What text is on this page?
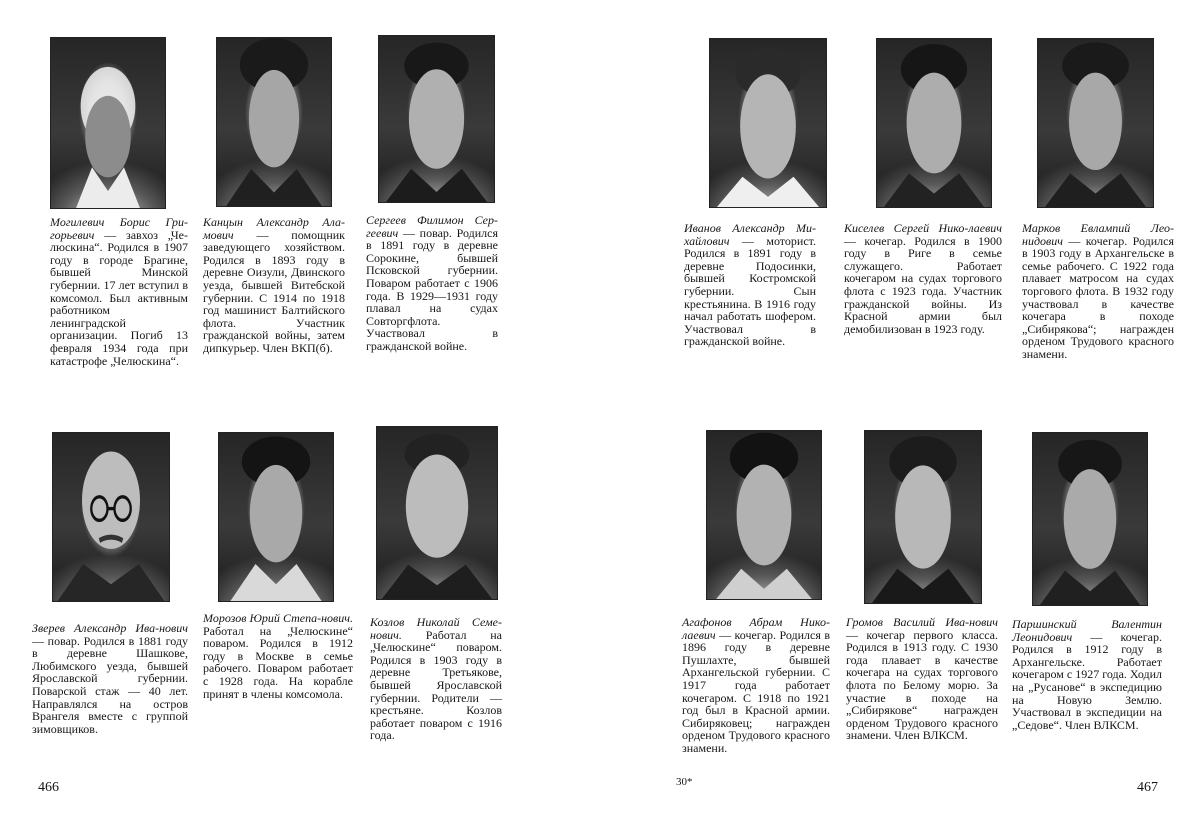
Могилевич Борис Гри-горьевич — завхоз „Че-люскина“. Родился в 1907 году в городе Брагине, бывшей Минской губернии. 17 лет вступил в комсомол. Был активным работником ленинградской организации. Погиб 13 февраля 1934 года при катастрофе „Челюскина“.

Канцын Александр Ала-мович — помощник заведующего хозяйством. Родился в 1893 году в деревне Оизули, Двинского уезда, бывшей Витебской губернии. С 1914 по 1918 год машинист Балтийского флота. Участник гражданской войны, затем дипкурьер. Член ВКП(б).

Сергеев Филимон Сер-геевич — повар. Родился в 1891 году в деревне Сорокине, бывшей Псковской губернии. Поваром работает с 1906 года. В 1929—1931 году плавал на судах Совторгфлота. Участвовал в гражданской войне.

Зверев Александр Ива-нович — повар. Родился в 1881 году в деревне Шашкове, Любимского уезда, бывшей Ярославской губернии. Поварской стаж — 40 лет. Направлялся на остров Врангеля вместе с группой зимовщиков.

Морозов Юрий Степа-нович. Работал на „Челюскине“ поваром. Родился в 1912 году в Москве в семье рабочего. Поваром работает с 1928 года. На корабле принят в члены комсомола.

Козлов Николай Семе-нович. Работал на „Челюскине“ поваром. Родился в 1903 году в деревне Третьякове, бывшей Ярославской губернии. Родители — крестьяне. Козлов работает поваром с 1916 года.

466

Иванов Александр Ми-хайлович — моторист. Родился в 1891 году в деревне Подосинки, бывшей Костромской губернии. Сын крестьянина. В 1916 году начал работать шофером. Участвовал в гражданской войне.

Киселев Сергей Нико-лаевич — кочегар. Родился в 1900 году в Риге в семье служащего. Работает кочегаром на судах торгового флота с 1923 года. Участник гражданской войны. Из Красной армии был демобилизован в 1923 году.

Марков Евлампий Лео-нидович — кочегар. Родился в 1903 году в Архангельске в семье рабочего. С 1922 года плавает матросом на судах торгового флота. В 1932 году участвовал в качестве кочегара в походе „Сибирякова“; награжден орденом Трудового красного знамени.

Агафонов Абрам Нико-лаевич — кочегар. Родился в 1896 году в деревне Пушлахте, бывшей Архангельской губернии. С 1917 года работает кочегаром. С 1918 по 1921 год был в Красной армии. Сибиряковец; награжден орденом Трудового красного знамени.

Громов Василий Ива-нович — кочегар первого класса. Родился в 1913 году. С 1930 года плавает в качестве кочегара на судах торгового флота по Белому морю. За участие в походе на „Сибирякове“ награжден орденом Трудового красного знамени. Член ВЛКСМ.

Паршинский Валентин Леонидович — кочегар. Родился в 1912 году в Архангельске. Работает кочегаром с 1927 года. Ходил на „Русанове“ в экспедицию на Новую Землю. Участвовал в экспедиции на „Седове“. Член ВЛКСМ.

30*	467
